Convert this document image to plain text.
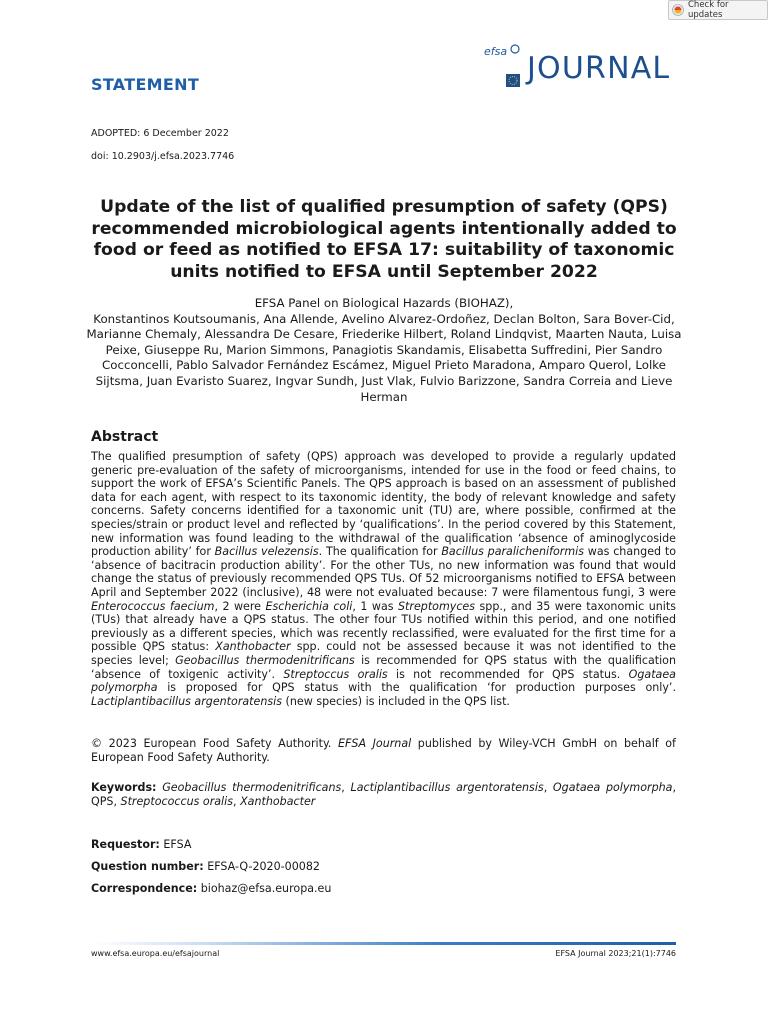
Check for updates
STATEMENT
efsa JOURNAL
ADOPTED: 6 December 2022
doi: 10.2903/j.efsa.2023.7746
Update of the list of qualified presumption of safety (QPS) recommended microbiological agents intentionally added to food or feed as notified to EFSA 17: suitability of taxonomic units notified to EFSA until September 2022

EFSA Panel on Biological Hazards (BIOHAZ),
Konstantinos Koutsoumanis, Ana Allende, Avelino Alvarez-Ordoñez, Declan Bolton, Sara Bover-Cid, Marianne Chemaly, Alessandra De Cesare, Friederike Hilbert, Roland Lindqvist, Maarten Nauta, Luisa Peixe, Giuseppe Ru, Marion Simmons, Panagiotis Skandamis, Elisabetta Suffredini, Pier Sandro Cocconcelli, Pablo Salvador Fernández Escámez, Miguel Prieto Maradona, Amparo Querol, Lolke Sijtsma, Juan Evaristo Suarez, Ingvar Sundh, Just Vlak, Fulvio Barizzone, Sandra Correia and Lieve Herman

Abstract

The qualified presumption of safety (QPS) approach was developed to provide a regularly updated generic pre-evaluation of the safety of microorganisms, intended for use in the food or feed chains, to support the work of EFSA’s Scientific Panels. The QPS approach is based on an assessment of published data for each agent, with respect to its taxonomic identity, the body of relevant knowledge and safety concerns. Safety concerns identified for a taxonomic unit (TU) are, where possible, confirmed at the species/strain or product level and reflected by ‘qualifications’. In the period covered by this Statement, new information was found leading to the withdrawal of the qualification ‘absence of aminoglycoside production ability’ for Bacillus velezensis. The qualification for Bacillus paralicheniformis was changed to ‘absence of bacitracin production ability’. For the other TUs, no new information was found that would change the status of previously recommended QPS TUs. Of 52 microorganisms notified to EFSA between April and September 2022 (inclusive), 48 were not evaluated because: 7 were filamentous fungi, 3 were Enterococcus faecium, 2 were Escherichia coli, 1 was Streptomyces spp., and 35 were taxonomic units (TUs) that already have a QPS status. The other four TUs notified within this period, and one notified previously as a different species, which was recently reclassified, were evaluated for the first time for a possible QPS status: Xanthobacter spp. could not be assessed because it was not identified to the species level; Geobacillus thermodenitrificans is recommended for QPS status with the qualification ‘absence of toxigenic activity’. Streptoccus oralis is not recommended for QPS status. Ogataea polymorpha is proposed for QPS status with the qualification ‘for production purposes only’. Lactiplantibacillus argentoratensis (new species) is included in the QPS list.

© 2023 European Food Safety Authority. EFSA Journal published by Wiley-VCH GmbH on behalf of European Food Safety Authority.

Keywords: Geobacillus thermodenitrificans, Lactiplantibacillus argentoratensis, Ogataea polymorpha, QPS, Streptococcus oralis, Xanthobacter

Requestor: EFSA

Question number: EFSA-Q-2020-00082

Correspondence: biohaz@efsa.europa.eu

www.efsa.europa.eu/efsajournal	EFSA Journal 2023;21(1):7746
